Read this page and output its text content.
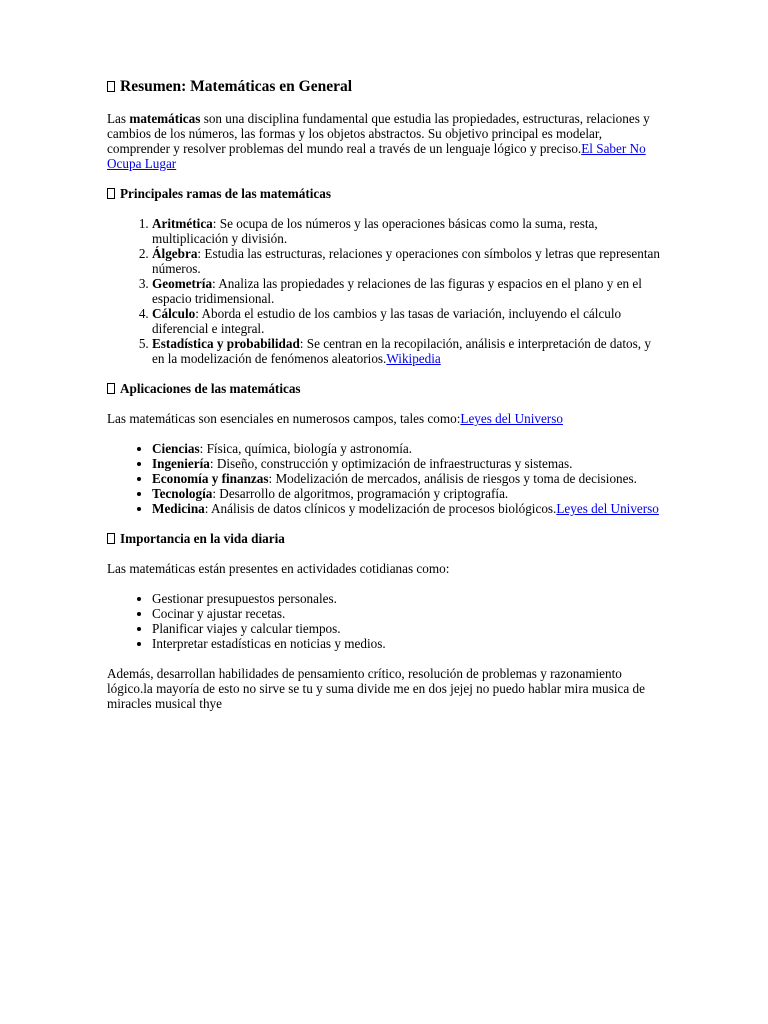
Resumen: Matemáticas en General

Las matemáticas son una disciplina fundamental que estudia las propiedades, estructuras, relaciones y cambios de los números, las formas y los objetos abstractos. Su objetivo principal es modelar, comprender y resolver problemas del mundo real a través de un lenguaje lógico y preciso.El Saber No Ocupa Lugar

Principales ramas de las matemáticas
1. Aritmética: Se ocupa de los números y las operaciones básicas como la suma, resta, multiplicación y división.
2. Álgebra: Estudia las estructuras, relaciones y operaciones con símbolos y letras que representan números.
3. Geometría: Analiza las propiedades y relaciones de las figuras y espacios en el plano y en el espacio tridimensional.
4. Cálculo: Aborda el estudio de los cambios y las tasas de variación, incluyendo el cálculo diferencial e integral.
5. Estadística y probabilidad: Se centran en la recopilación, análisis e interpretación de datos, y en la modelización de fenómenos aleatorios.Wikipedia
Aplicaciones de las matemáticas

Las matemáticas son esenciales en numerosos campos, tales como:Leyes del Universo

• Ciencias: Física, química, biología y astronomía.
• Ingeniería: Diseño, construcción y optimización de infraestructuras y sistemas.
• Economía y finanzas: Modelización de mercados, análisis de riesgos y toma de decisiones.
• Tecnología: Desarrollo de algoritmos, programación y criptografía.
• Medicina: Análisis de datos clínicos y modelización de procesos biológicos.Leyes del Universo
Importancia en la vida diaria

Las matemáticas están presentes en actividades cotidianas como:

• Gestionar presupuestos personales.
• Cocinar y ajustar recetas.
• Planificar viajes y calcular tiempos.
• Interpretar estadísticas en noticias y medios.

Además, desarrollan habilidades de pensamiento crítico, resolución de problemas y razonamiento lógico.la mayoría de esto no sirve se tu y suma divide me en dos jejej no puedo hablar mira musica de miracles musical thye
